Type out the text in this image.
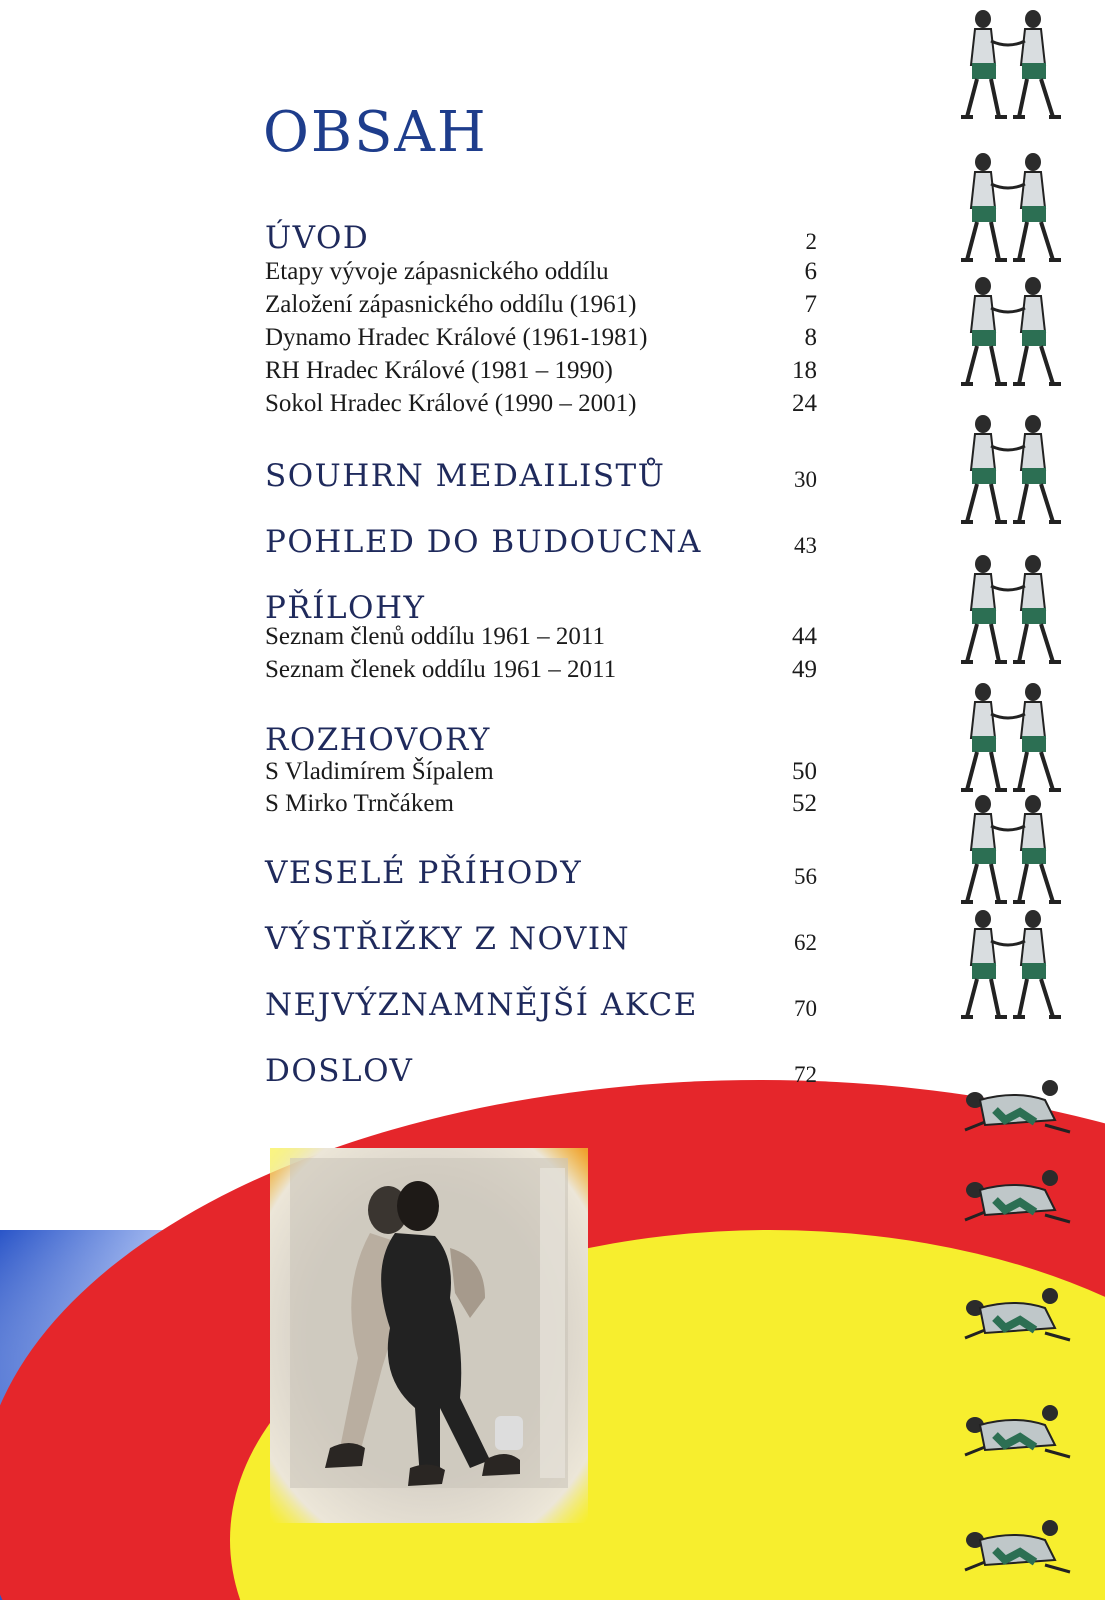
OBSAH
ÚVOD	2
Etapy vývoje zápasnického oddílu	6
Založení zápasnického oddílu (1961)	7
Dynamo Hradec Králové (1961-1981)	8
RH Hradec Králové (1981 – 1990)	18
Sokol Hradec Králové (1990 – 2001)	24
SOUHRN MEDAILISTŮ	30
POHLED DO BUDOUCNA	43
PŘÍLOHY
Seznam členů oddílu 1961 – 2011	44
Seznam členek oddílu 1961 – 2011	49
ROZHOVORY
S Vladimírem Šípalem	50
S Mirko Trnčákem	52
VESELÉ PŘÍHODY	56
VÝSTŘIŽKY Z NOVIN	62
NEJVÝZNAMNĚJŠÍ AKCE	70
DOSLOV	72
